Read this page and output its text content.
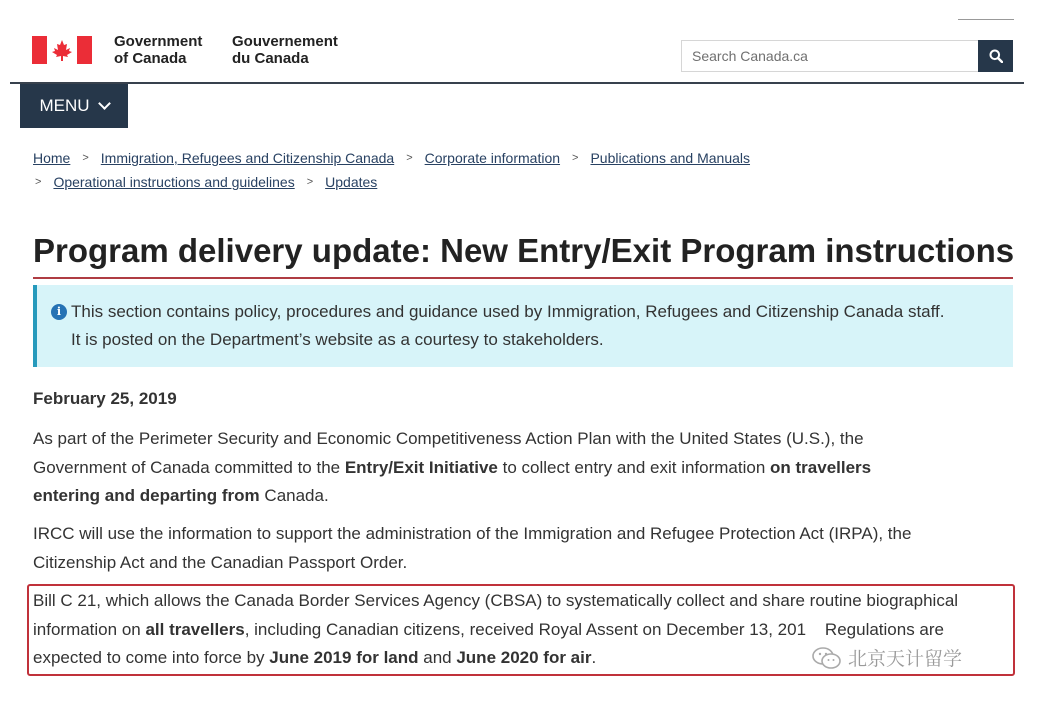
Government
of Canada
Gouvernement
du Canada
Search Canada.ca
MENU
Home > Immigration, Refugees and Citizenship Canada > Corporate information > Publications and Manuals
> Operational instructions and guidelines > Updates
Program delivery update: New Entry/Exit Program instructions
i This section contains policy, procedures and guidance used by Immigration, Refugees and Citizenship Canada staff.
It is posted on the Department’s website as a courtesy to stakeholders.

February 25, 2019

As part of the Perimeter Security and Economic Competitiveness Action Plan with the United States (U.S.), the
Government of Canada committed to the Entry/Exit Initiative to collect entry and exit information on travellers
entering and departing from Canada.

IRCC will use the information to support the administration of the Immigration and Refugee Protection Act (IRPA), the
Citizenship Act and the Canadian Passport Order.

Bill C 21, which allows the Canada Border Services Agency (CBSA) to systematically collect and share routine biographical
information on all travellers, including Canadian citizens, received Royal Assent on December 13, 201    Regulations are
expected to come into force by June 2019 for land and June 2020 for air.	北京天计留学
